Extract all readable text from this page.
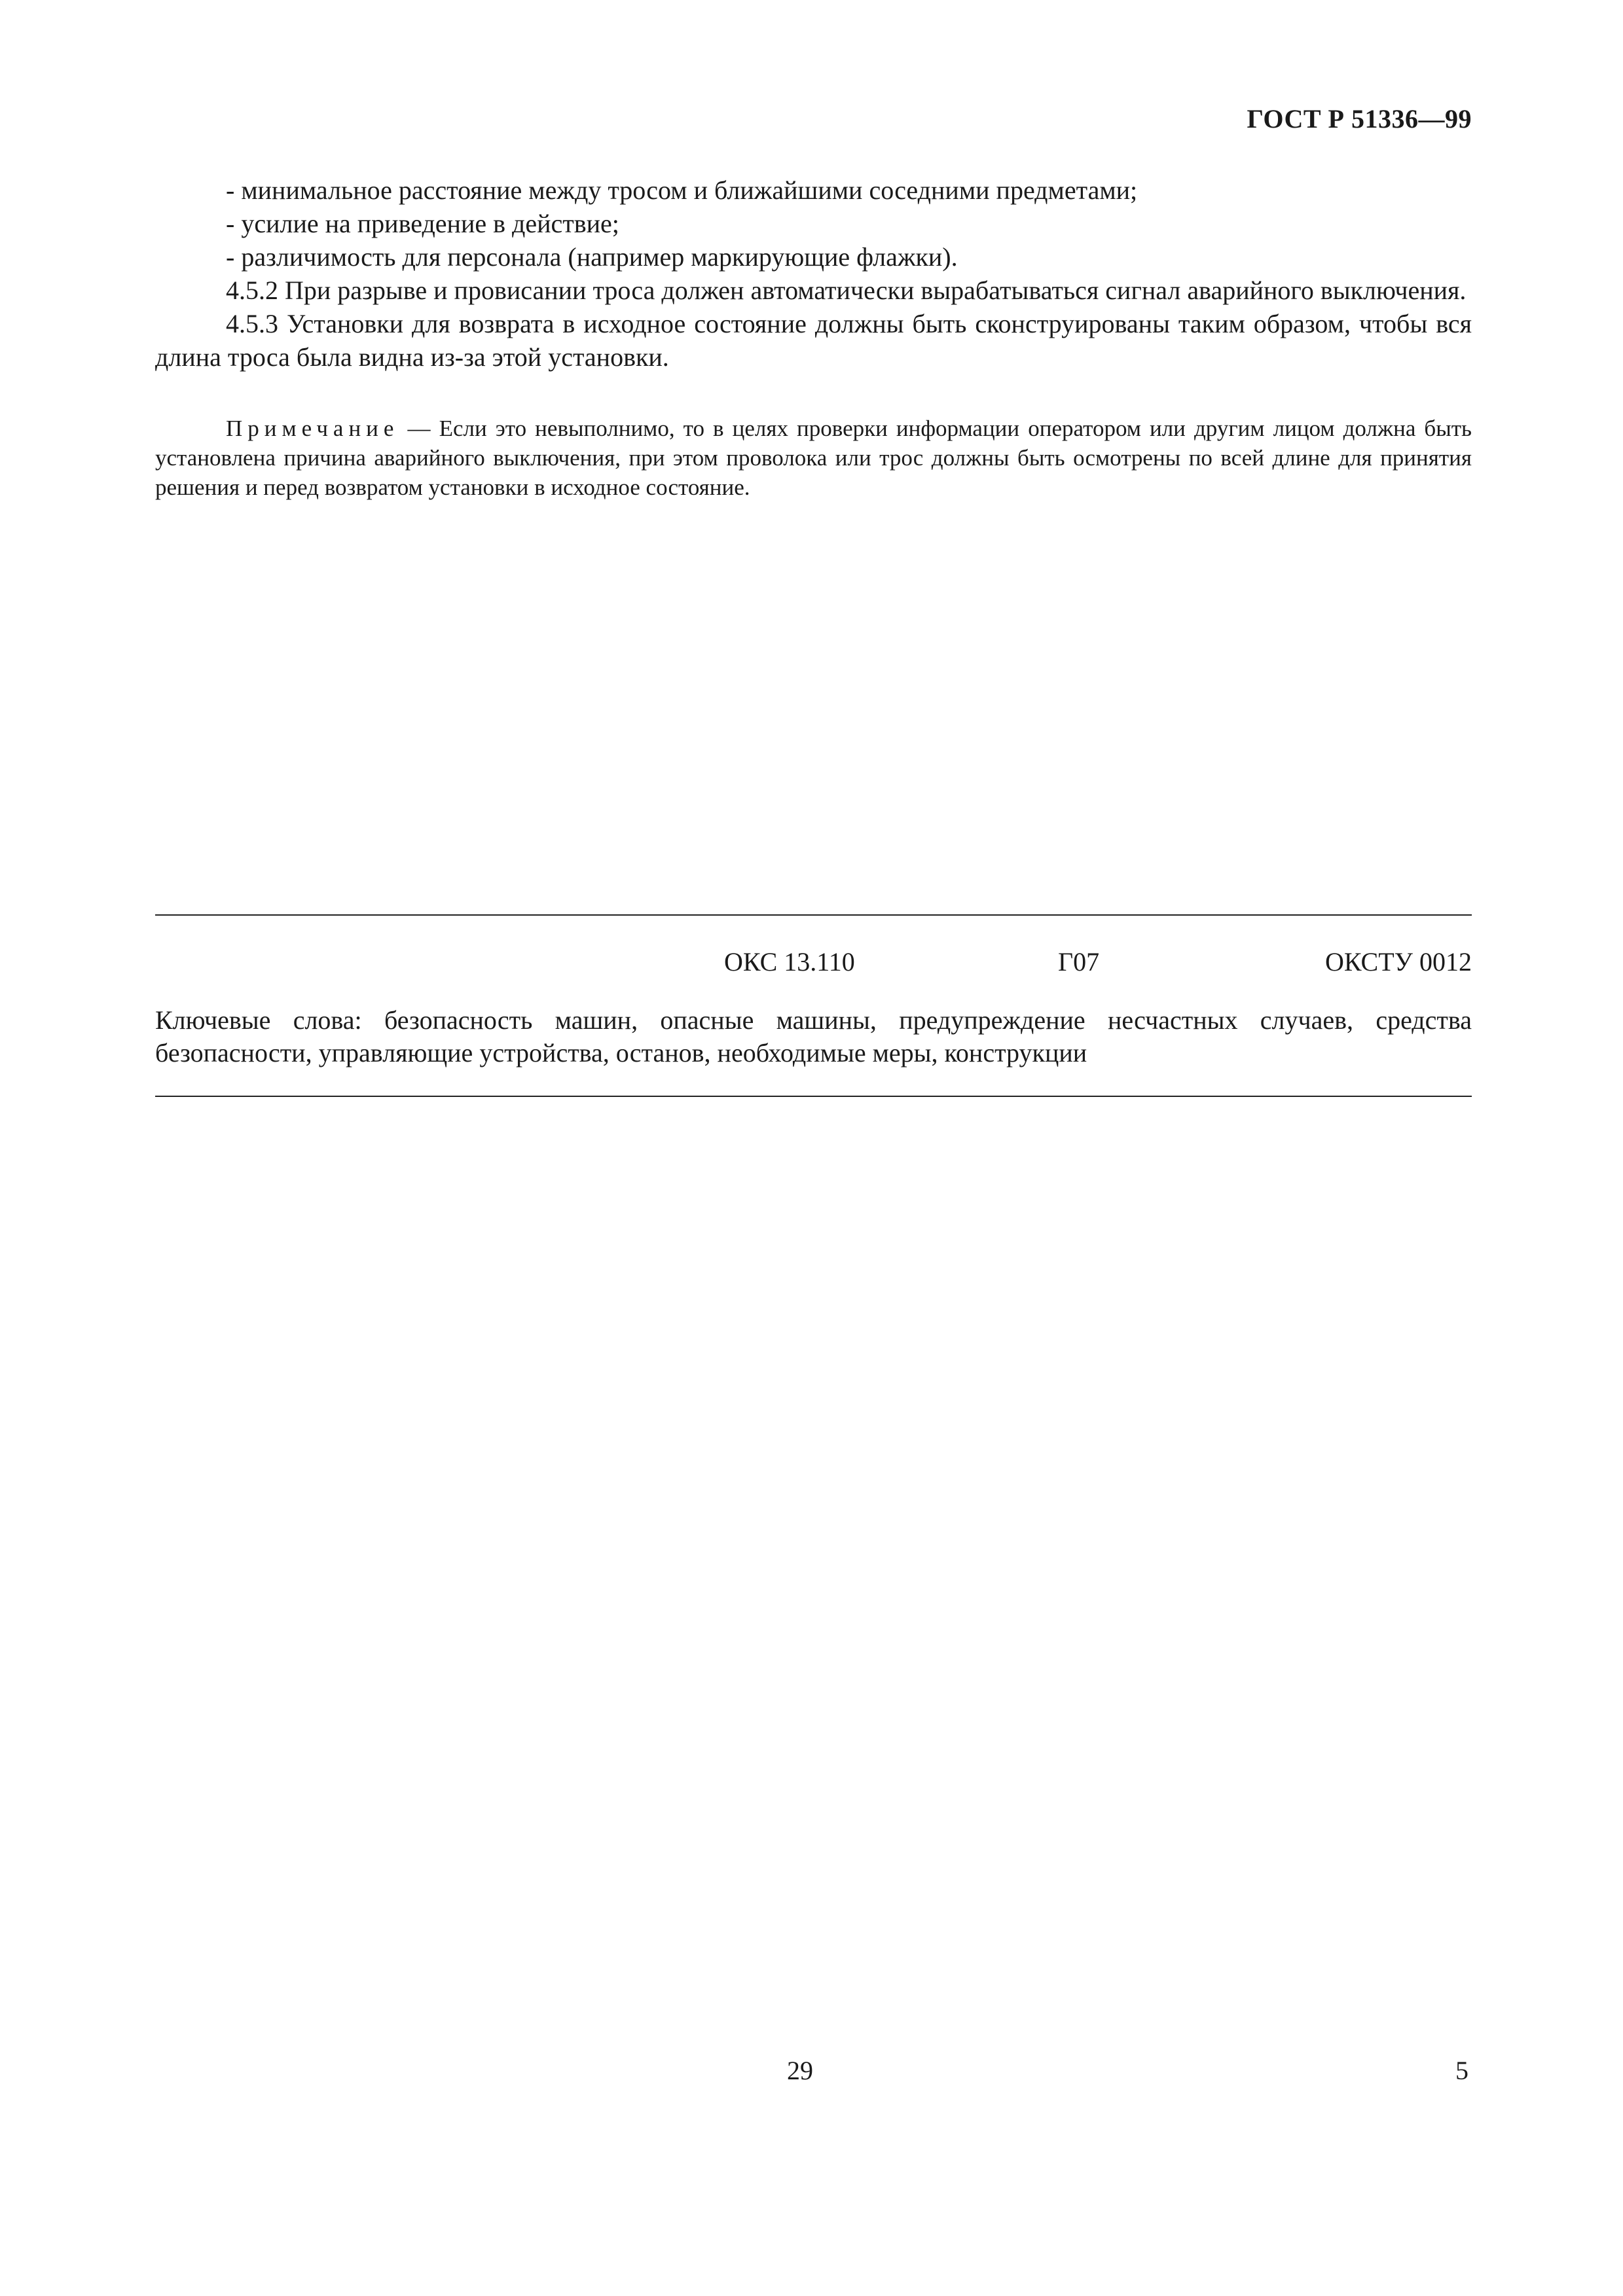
ГОСТ Р 51336—99

- минимальное расстояние между тросом и ближайшими соседними предметами;

- усилие на приведение в действие;

- различимость для персонала (например маркирующие флажки).

4.5.2 При разрыве и провисании троса должен автоматически вырабатываться сигнал аварийного выключения.

4.5.3 Установки для возврата в исходное состояние должны быть сконструированы таким образом, чтобы вся длина троса была видна из-за этой установки.

Примечание — Если это невыполнимо, то в целях проверки информации оператором или другим лицом должна быть установлена причина аварийного выключения, при этом проволока или трос должны быть осмотрены по всей длине для принятия решения и перед возвратом установки в исходное состояние.
ОКС 13.110	Г07	ОКСТУ 0012
Ключевые слова: безопасность машин, опасные машины, предупреждение несчастных случаев, средства безопасности, управляющие устройства, останов, необходимые меры, конструкции
29	5
